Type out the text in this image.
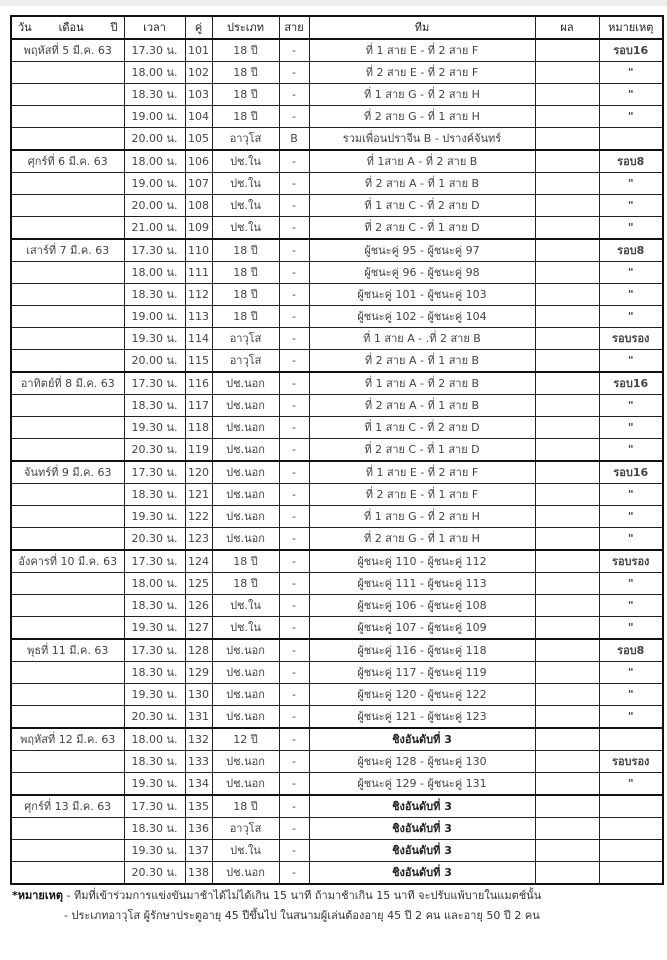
วัน เดือน ปี	เวลา	คู่	ประเภท	สาย	ทีม	ผล	หมายเหตุ
พฤหัสที่ 5 มี.ค. 63	17.30 น.	101	18 ปี	-	ที่ 1 สาย E - ที่ 2 สาย F		รอบ16
	18.00 น.	102	18 ปี	-	ที่ 2 สาย E - ที่ 2 สาย F		"
	18.30 น.	103	18 ปี	-	ที่ 1 สาย G - ที่ 2 สาย H		"
	19.00 น.	104	18 ปี	-	ที่ 2 สาย G - ที่ 1 สาย H		"
	20.00 น.	105	อาวุโส	B	รวมเพื่อนปราจีน B - ปรางค์จันทร์		
ศุกร์ที่ 6 มี.ค. 63	18.00 น.	106	ปช.ใน	-	ที่ 1สาย A - ที่ 2 สาย B		รอบ8
	19.00 น.	107	ปช.ใน	-	ที่ 2 สาย A - ที่ 1 สาย B		"
	20.00 น.	108	ปช.ใน	-	ที่ 1 สาย C - ที่ 2 สาย D		"
	21.00 น.	109	ปช.ใน	-	ที่ 2 สาย C - ที่ 1 สาย D		"
เสาร์ที่ 7 มี.ค. 63	17.30 น.	110	18 ปี	-	ผู้ชนะคู่ 95 - ผู้ชนะคู่ 97		รอบ8
	18.00 น.	111	18 ปี	-	ผู้ชนะคู่ 96 - ผู้ชนะคู่ 98		"
	18.30 น.	112	18 ปี	-	ผู้ชนะคู่ 101 - ผู้ชนะคู่ 103		"
	19.00 น.	113	18 ปี	-	ผู้ชนะคู่ 102 - ผู้ชนะคู่ 104		"
	19.30 น.	114	อาวุโส	-	ที่ 1 สาย A - .ที่ 2 สาย B		รอบรอง
	20.00 น.	115	อาวุโส	-	ที่ 2 สาย A - ที่ 1 สาย B		"
อาทิตย์ที่ 8 มี.ค. 63	17.30 น.	116	ปช.นอก	-	ที่ 1 สาย A - ที่ 2 สาย B		รอบ16
	18.30 น.	117	ปช.นอก	-	ที่ 2 สาย A - ที่ 1 สาย B		"
	19.30 น.	118	ปช.นอก	-	ที่ 1 สาย C - ที่ 2 สาย D		"
	20.30 น.	119	ปช.นอก	-	ที่ 2 สาย C - ที่ 1 สาย D		"
จันทร์ที่ 9 มี.ค. 63	17.30 น.	120	ปช.นอก	-	ที่ 1 สาย E - ที่ 2 สาย F		รอบ16
	18.30 น.	121	ปช.นอก	-	ที่ 2 สาย E - ที่ 1 สาย F		"
	19.30 น.	122	ปช.นอก	-	ที่ 1 สาย G - ที่ 2 สาย H		"
	20.30 น.	123	ปช.นอก	-	ที่ 2 สาย G - ที่ 1 สาย H		"
อังคารที่ 10 มี.ค. 63	17.30 น.	124	18 ปี	-	ผู้ชนะคู่ 110 - ผู้ชนะคู่ 112		รอบรอง
	18.00 น.	125	18 ปี	-	ผู้ชนะคู่ 111 - ผู้ชนะคู่ 113		"
	18.30 น.	126	ปช.ใน	-	ผู้ชนะคู่ 106 - ผู้ชนะคู่ 108		"
	19.30 น.	127	ปช.ใน	-	ผู้ชนะคู่ 107 - ผู้ชนะคู่ 109		"
พุธที่ 11 มี.ค. 63	17.30 น.	128	ปช.นอก	-	ผู้ชนะคู่ 116 - ผู้ชนะคู่ 118		รอบ8
	18.30 น.	129	ปช.นอก	-	ผู้ชนะคู่ 117 - ผู้ชนะคู่ 119		"
	19.30 น.	130	ปช.นอก	-	ผู้ชนะคู่ 120 - ผู้ชนะคู่ 122		"
	20.30 น.	131	ปช.นอก	-	ผู้ชนะคู่ 121 - ผู้ชนะคู่ 123		"
พฤหัสที่ 12 มี.ค. 63	18.00 น.	132	12 ปี	-	ชิงอันดับที่ 3		
	18.30 น.	133	ปช.นอก	-	ผู้ชนะคู่ 128 - ผู้ชนะคู่ 130		รอบรอง
	19.30 น.	134	ปช.นอก	-	ผู้ชนะคู่ 129 - ผู้ชนะคู่ 131		"
ศุกร์ที่ 13 มี.ค. 63	17.30 น.	135	18 ปี	-	ชิงอันดับที่ 3		
	18.30 น.	136	อาวุโส	-	ชิงอันดับที่ 3		
	19.30 น.	137	ปช.ใน	-	ชิงอันดับที่ 3		
	20.30 น.	138	ปช.นอก	-	ชิงอันดับที่ 3		
*หมายเหตุ - ทีมที่เข้าร่วมการแข่งขันมาช้าได้ไม่ได้เกิน 15 นาที ถ้ามาช้าเกิน 15 นาที จะปรับแพ้บายในแมตช์นั้น
- ประเภทอาวุโส ผู้รักษาประตูอายุ 45 ปีขึ้นไป ในสนามผู้เล่นต้องอายุ 45 ปี 2 คน และอายุ 50 ปี 2 คน
